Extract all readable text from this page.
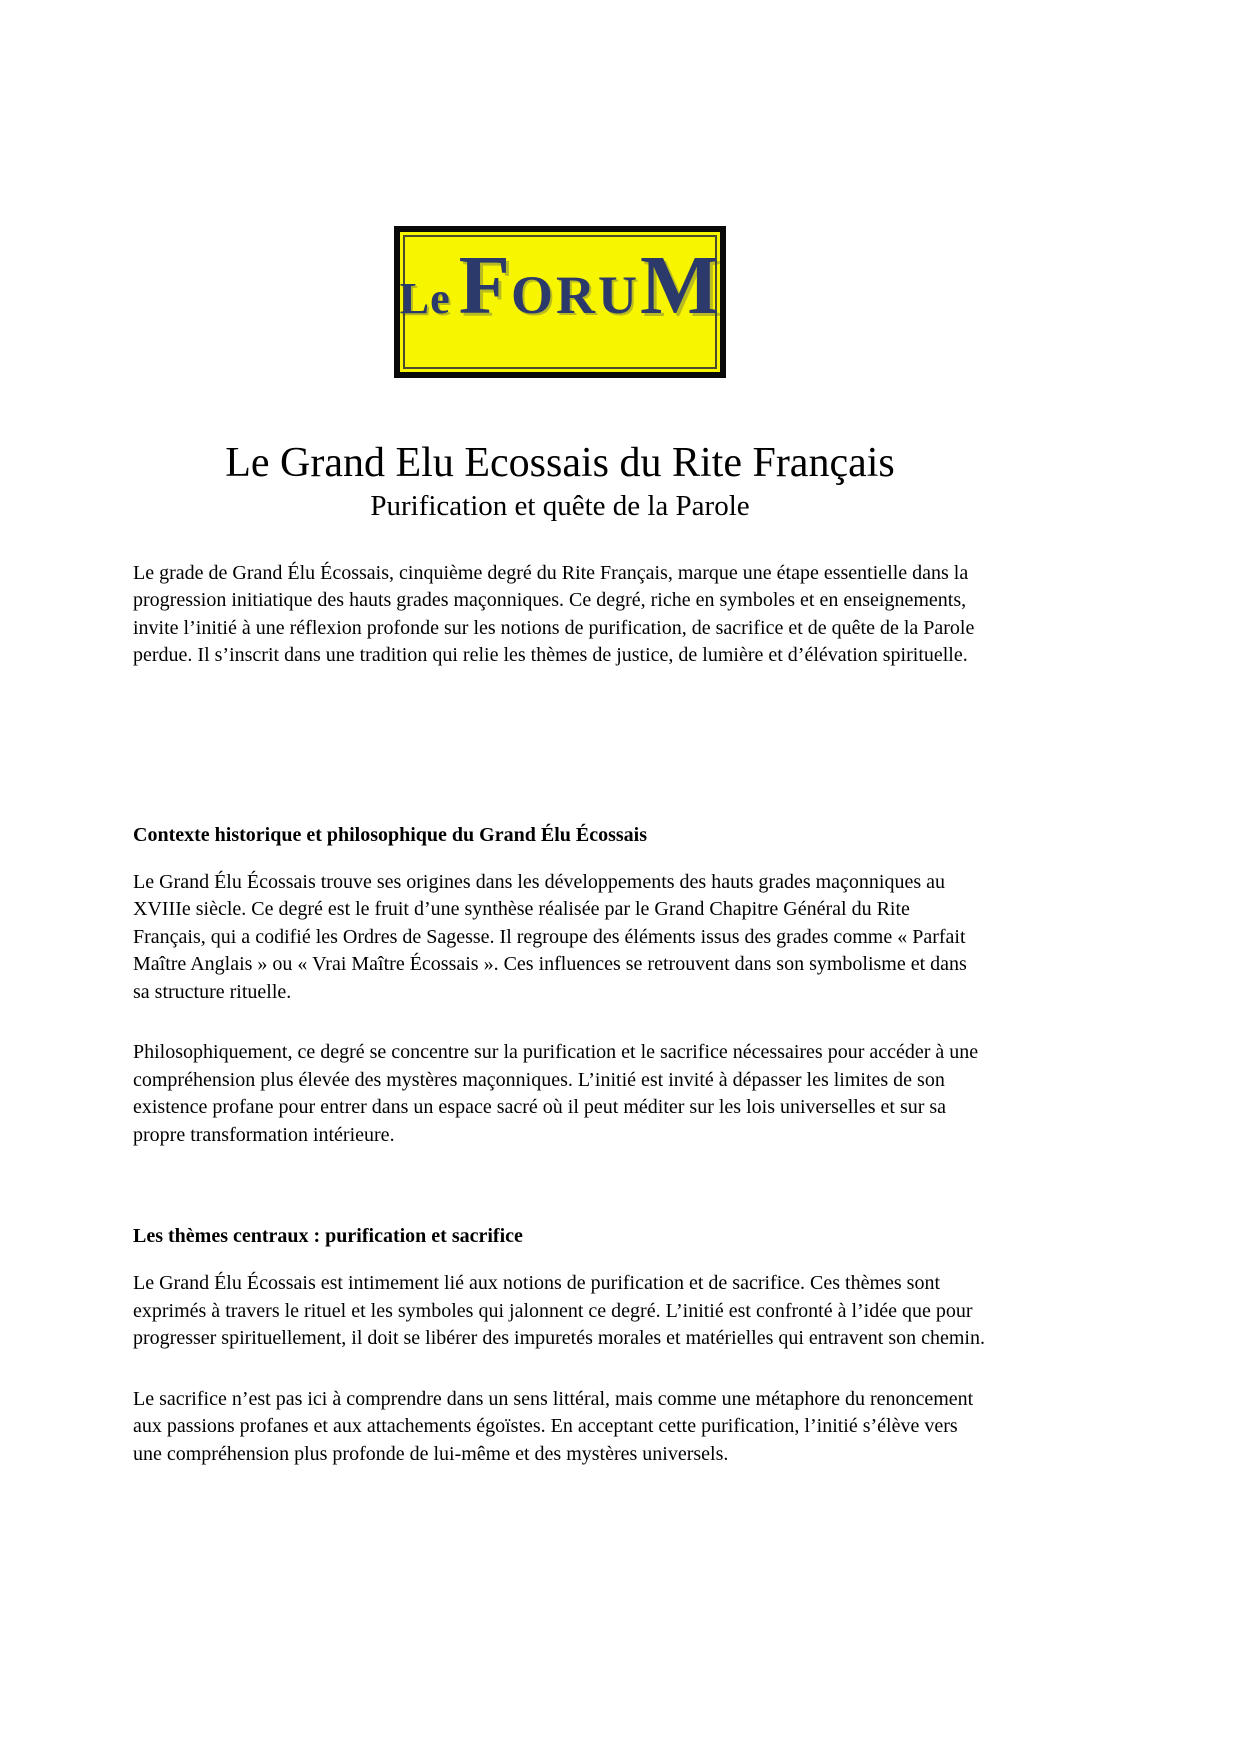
Le F ORU M
Le Grand Elu Ecossais du Rite Français
Purification et quête de la Parole

Le grade de Grand Élu Écossais, cinquième degré du Rite Français, marque une étape essentielle dans la progression initiatique des hauts grades maçonniques. Ce degré, riche en symboles et en enseignements, invite l’initié à une réflexion profonde sur les notions de purification, de sacrifice et de quête de la Parole perdue. Il s’inscrit dans une tradition qui relie les thèmes de justice, de lumière et d’élévation spirituelle.

Contexte historique et philosophique du Grand Élu Écossais

Le Grand Élu Écossais trouve ses origines dans les développements des hauts grades maçonniques au XVIIIe siècle. Ce degré est le fruit d’une synthèse réalisée par le Grand Chapitre Général du Rite Français, qui a codifié les Ordres de Sagesse. Il regroupe des éléments issus des grades comme « Parfait Maître Anglais » ou « Vrai Maître Écossais ». Ces influences se retrouvent dans son symbolisme et dans sa structure rituelle.

Philosophiquement, ce degré se concentre sur la purification et le sacrifice nécessaires pour accéder à une compréhension plus élevée des mystères maçonniques. L’initié est invité à dépasser les limites de son existence profane pour entrer dans un espace sacré où il peut méditer sur les lois universelles et sur sa propre transformation intérieure.

Les thèmes centraux : purification et sacrifice

Le Grand Élu Écossais est intimement lié aux notions de purification et de sacrifice. Ces thèmes sont exprimés à travers le rituel et les symboles qui jalonnent ce degré. L’initié est confronté à l’idée que pour progresser spirituellement, il doit se libérer des impuretés morales et matérielles qui entravent son chemin.

Le sacrifice n’est pas ici à comprendre dans un sens littéral, mais comme une métaphore du renoncement aux passions profanes et aux attachements égoïstes. En acceptant cette purification, l’initié s’élève vers une compréhension plus profonde de lui-même et des mystères universels.
